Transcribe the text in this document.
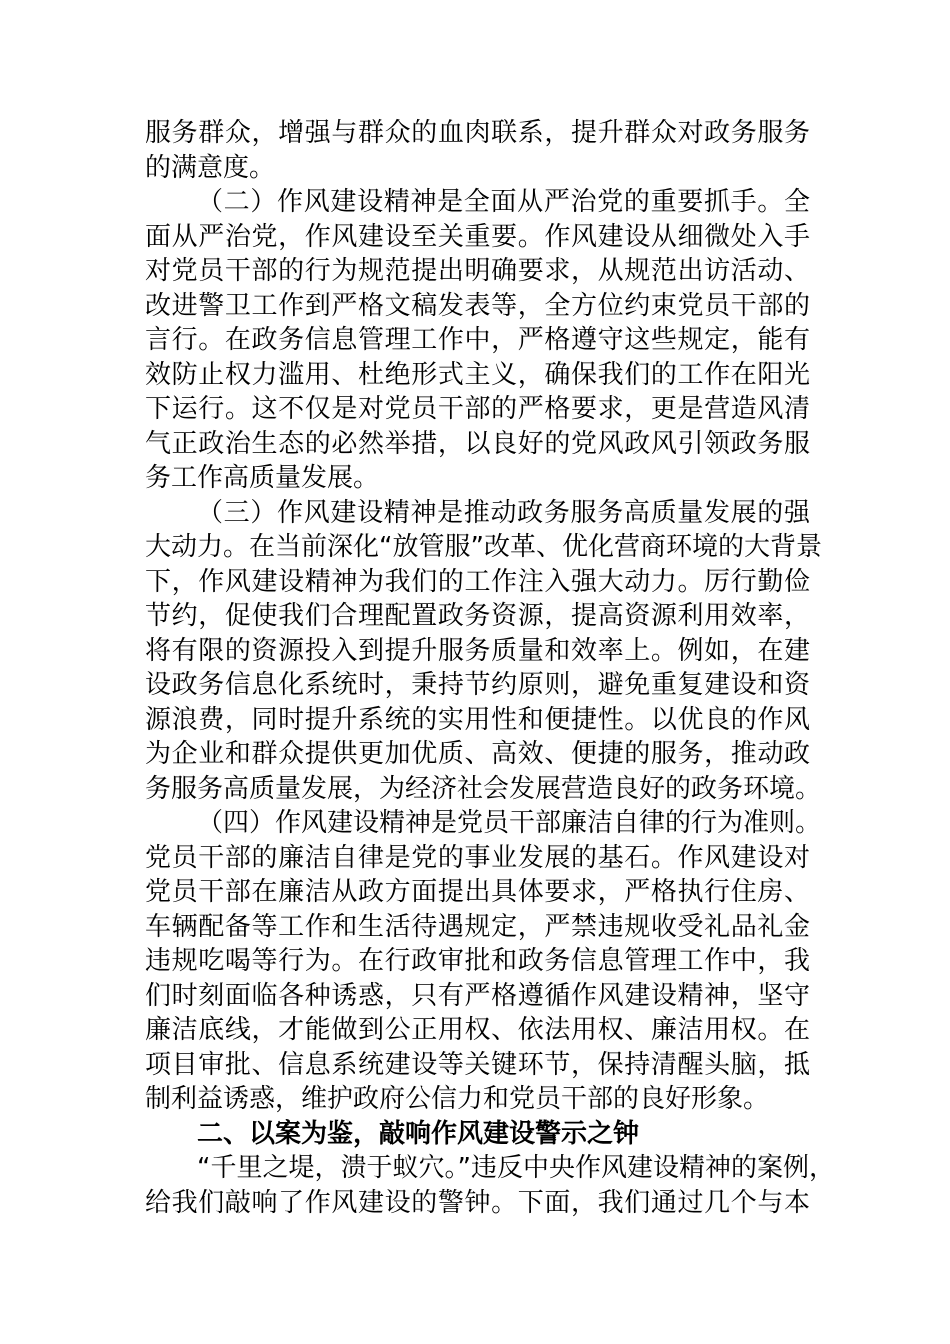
服务群众，增强与群众的血肉联系，提升群众对政务服务
的满意度。

（二）作风建设精神是全面从严治党的重要抓手。全
面从严治党，作风建设至关重要。作风建设从细微处入手
对党员干部的行为规范提出明确要求，从规范出访活动、
改进警卫工作到严格文稿发表等，全方位约束党员干部的
言行。在政务信息管理工作中，严格遵守这些规定，能有
效防止权力滥用、杜绝形式主义，确保我们的工作在阳光
下运行。这不仅是对党员干部的严格要求，更是营造风清
气正政治生态的必然举措，以良好的党风政风引领政务服
务工作高质量发展。

（三）作风建设精神是推动政务服务高质量发展的强
大动力。在当前深化“放管服”改革、优化营商环境的大背景
下，作风建设精神为我们的工作注入强大动力。厉行勤俭
节约，促使我们合理配置政务资源，提高资源利用效率，
将有限的资源投入到提升服务质量和效率上。例如，在建
设政务信息化系统时，秉持节约原则，避免重复建设和资
源浪费，同时提升系统的实用性和便捷性。以优良的作风
为企业和群众提供更加优质、高效、便捷的服务，推动政
务服务高质量发展，为经济社会发展营造良好的政务环境。

（四）作风建设精神是党员干部廉洁自律的行为准则。
党员干部的廉洁自律是党的事业发展的基石。作风建设对
党员干部在廉洁从政方面提出具体要求，严格执行住房、
车辆配备等工作和生活待遇规定，严禁违规收受礼品礼金
违规吃喝等行为。在行政审批和政务信息管理工作中，我
们时刻面临各种诱惑，只有严格遵循作风建设精神，坚守
廉洁底线，才能做到公正用权、依法用权、廉洁用权。在
项目审批、信息系统建设等关键环节，保持清醒头脑，抵
制利益诱惑，维护政府公信力和党员干部的良好形象。

二、以案为鉴，敲响作风建设警示之钟

“千里之堤，溃于蚁穴。”违反中央作风建设精神的案例，
给我们敲响了作风建设的警钟。下面，我们通过几个与本
